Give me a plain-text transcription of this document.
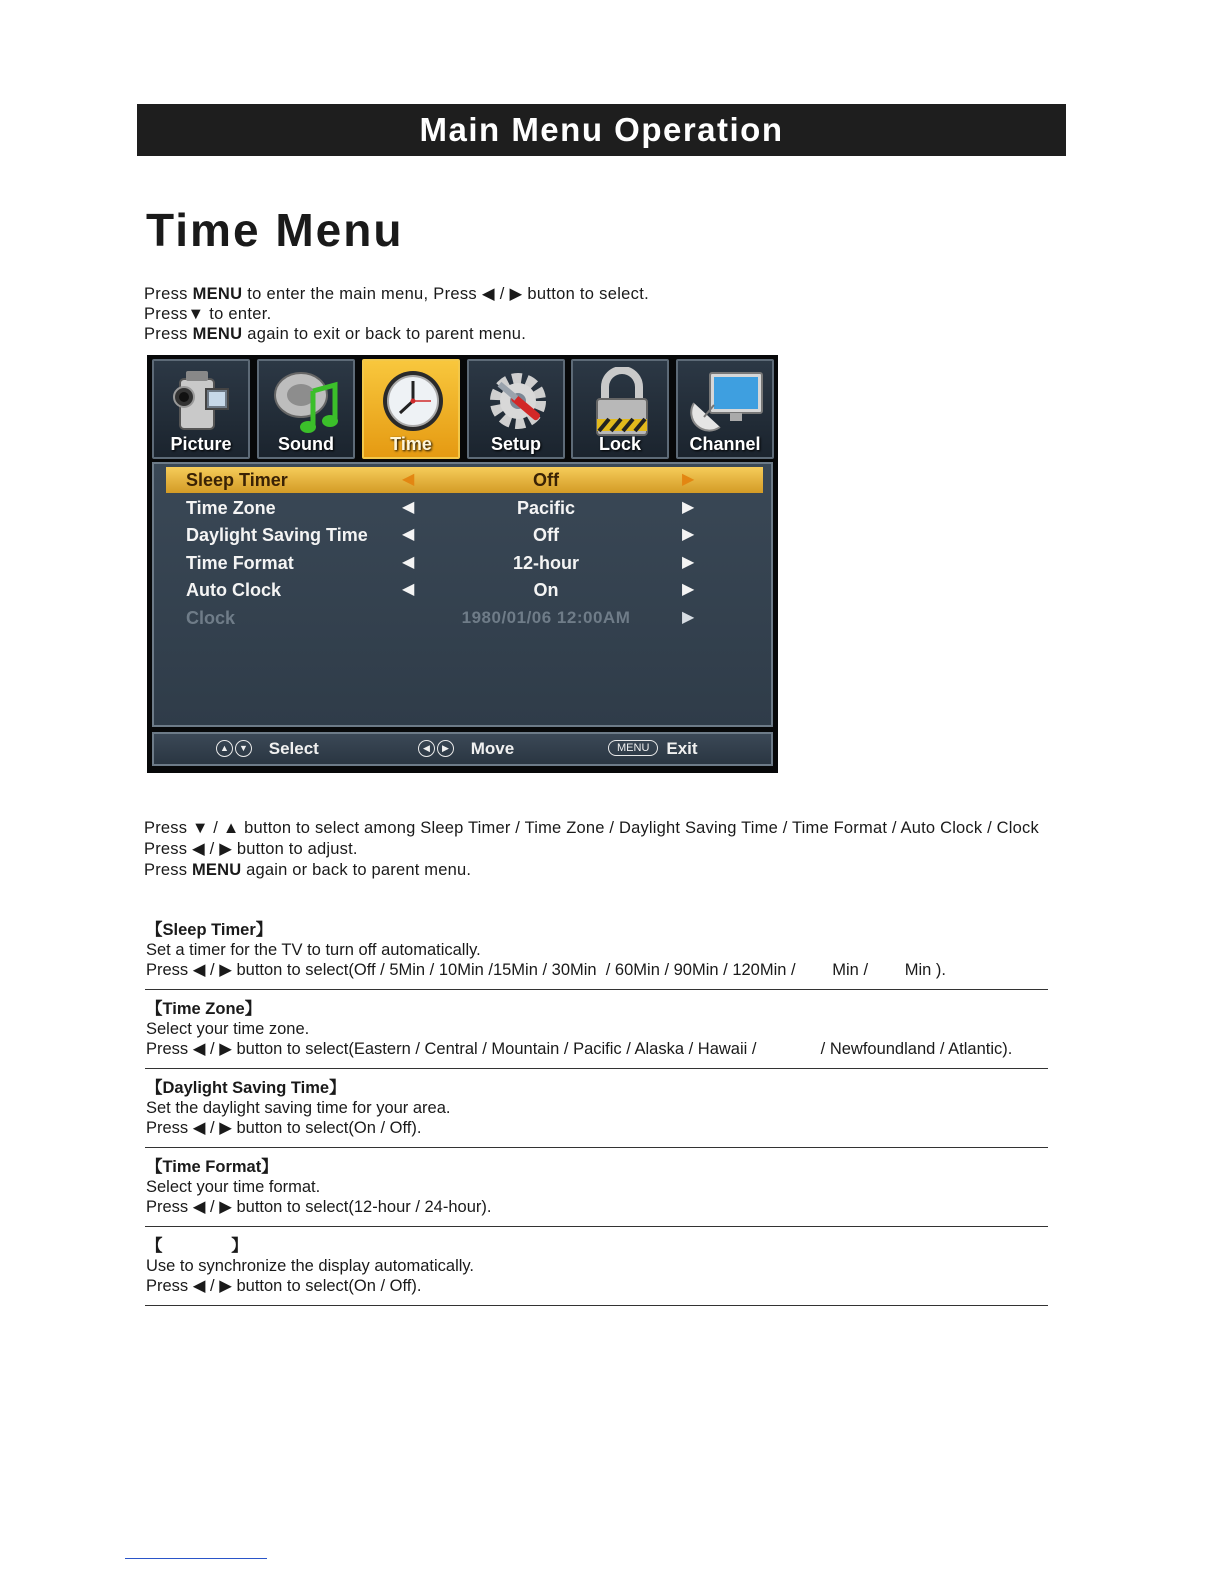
Main Menu Operation
Time Menu

Press MENU to enter the main menu, Press ◀ / ▶ button to select.

Press▼ to enter.

Press MENU again to exit or back to parent menu.

Picture	Sound	Time	Setup	Lock	Channel
Sleep Timer	◀	Off	▶
Time Zone	◀	Pacific	▶
Daylight Saving Time ◀	Off	▶
Time Format	◀	12-hour	▶
Auto Clock	◀	On	▶
Clock	1980/01/06 12:00AM	▶
▲ ▼ Select	◀ ▶ Move	MENU Exit

Press ▼ / ▲ button to select among Sleep Timer / Time Zone / Daylight Saving Time / Time Format / Auto Clock / Clock

Press ◀ / ▶ button to adjust.

Press MENU again or back to parent menu.

【Sleep Timer】

Set a timer for the TV to turn off automatically.

Press ◀ / ▶ button to select(Off / 5Min / 10Min /15Min / 30Min  / 60Min / 90Min / 120Min /        Min /        Min ).

【Time Zone】

Select your time zone.

Press ◀ / ▶ button to select(Eastern / Central / Mountain / Pacific / Alaska / Hawaii /              / Newfoundland / Atlantic).

【Daylight Saving Time】

Set the daylight saving time for your area.

Press ◀ / ▶ button to select(On / Off).

【Time Format】

Select your time format.

Press ◀ / ▶ button to select(12-hour / 24-hour).

【               】

Use to synchronize the display automatically.

Press ◀ / ▶ button to select(On / Off).
